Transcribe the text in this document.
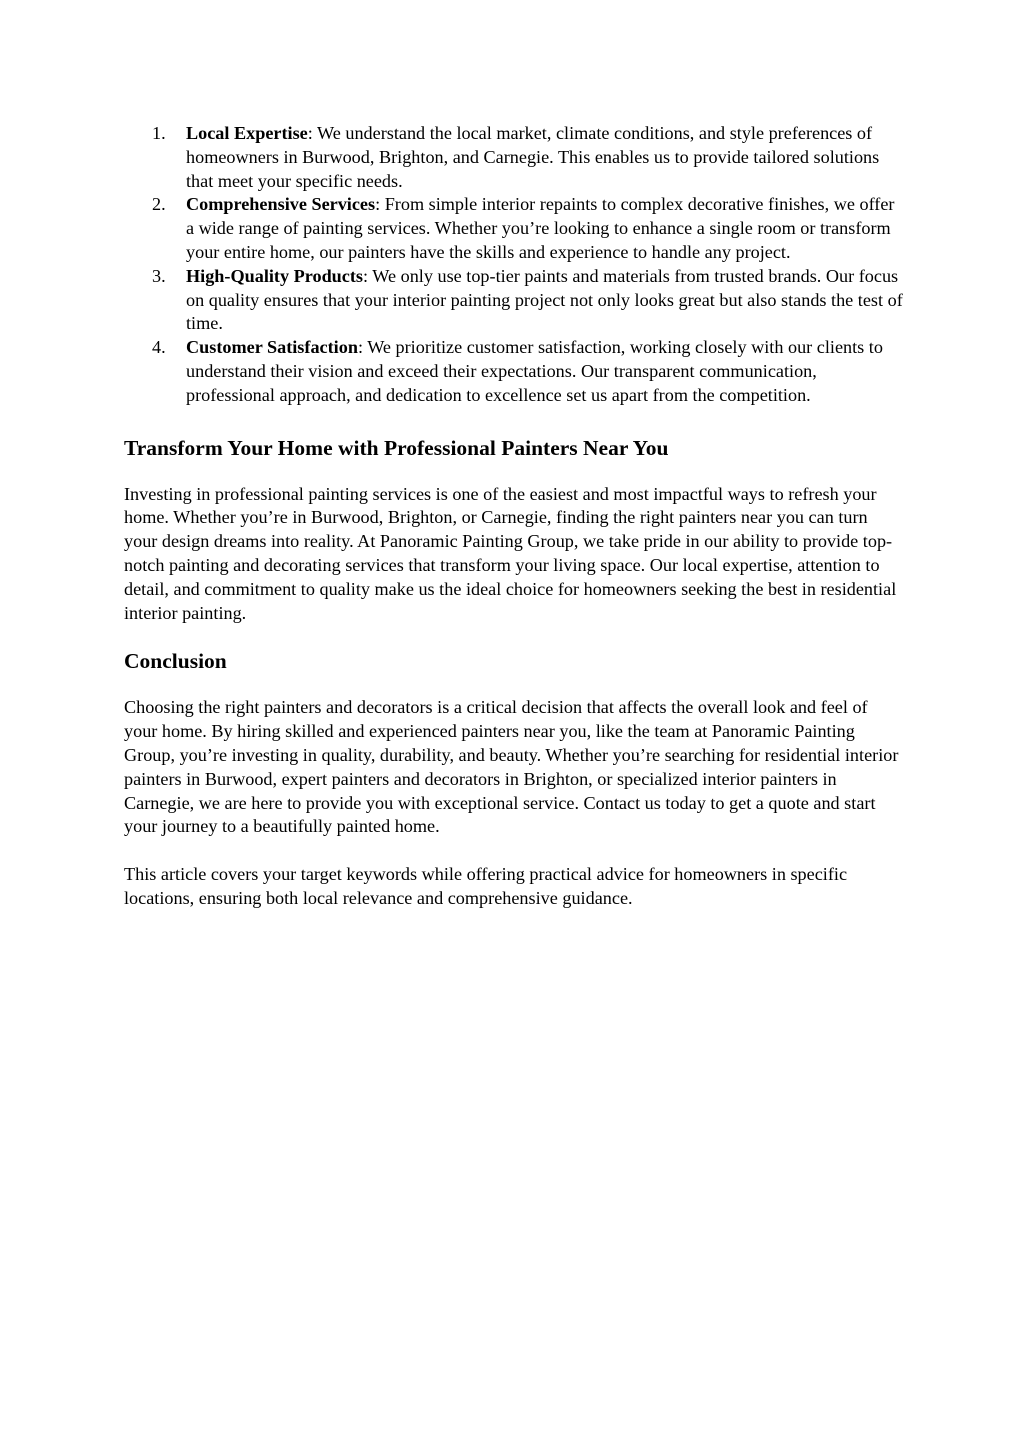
1. Local Expertise: We understand the local market, climate conditions, and style preferences of homeowners in Burwood, Brighton, and Carnegie. This enables us to provide tailored solutions that meet your specific needs.
2. Comprehensive Services: From simple interior repaints to complex decorative finishes, we offer a wide range of painting services. Whether you’re looking to enhance a single room or transform your entire home, our painters have the skills and experience to handle any project.
3. High-Quality Products: We only use top-tier paints and materials from trusted brands. Our focus on quality ensures that your interior painting project not only looks great but also stands the test of time.
4. Customer Satisfaction: We prioritize customer satisfaction, working closely with our clients to understand their vision and exceed their expectations. Our transparent communication, professional approach, and dedication to excellence set us apart from the competition.
Transform Your Home with Professional Painters Near You

Investing in professional painting services is one of the easiest and most impactful ways to refresh your home. Whether you’re in Burwood, Brighton, or Carnegie, finding the right painters near you can turn your design dreams into reality. At Panoramic Painting Group, we take pride in our ability to provide top-notch painting and decorating services that transform your living space. Our local expertise, attention to detail, and commitment to quality make us the ideal choice for homeowners seeking the best in residential interior painting.

Conclusion

Choosing the right painters and decorators is a critical decision that affects the overall look and feel of your home. By hiring skilled and experienced painters near you, like the team at Panoramic Painting Group, you’re investing in quality, durability, and beauty. Whether you’re searching for residential interior painters in Burwood, expert painters and decorators in Brighton, or specialized interior painters in Carnegie, we are here to provide you with exceptional service. Contact us today to get a quote and start your journey to a beautifully painted home.

This article covers your target keywords while offering practical advice for homeowners in specific locations, ensuring both local relevance and comprehensive guidance.
